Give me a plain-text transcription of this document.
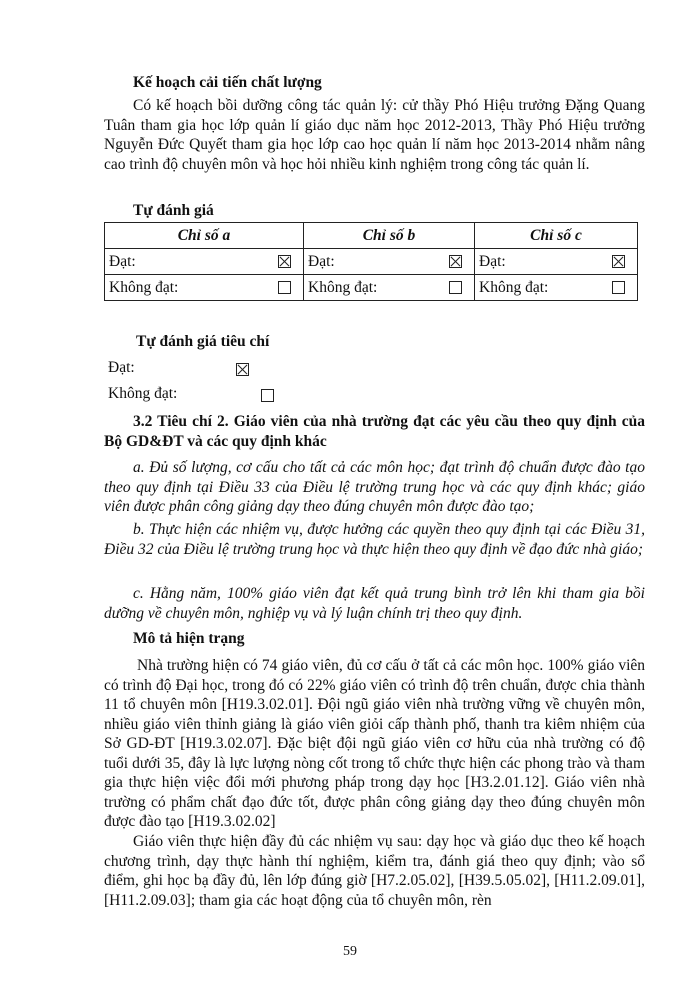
Kế hoạch cải tiến chất lượng
Có kế hoạch bồi dưỡng công tác quản lý: cử thầy Phó Hiệu trưởng Đặng Quang Tuân tham gia học lớp quản lí giáo dục năm học 2012-2013, Thầy Phó Hiệu trưởng Nguyễn Đức Quyết tham gia học lớp cao học quản lí năm học 2013-2014 nhằm nâng cao trình độ chuyên môn và học hỏi nhiều kinh nghiệm trong công tác quản lí.
Tự đánh giá
Chỉ số a	Chỉ số b	Chỉ số c

Đạt:	Đạt:	Đạt:

Không đạt:	Không đạt:	Không đạt:
Tự đánh giá tiêu chí
Đạt:

Không đạt:
3.2 Tiêu chí 2. Giáo viên của nhà trường đạt các yêu cầu theo quy định của Bộ GD&ĐT và các quy định khác
a. Đủ số lượng, cơ cấu cho tất cả các môn học; đạt trình độ chuẩn được đào tạo theo quy định tại Điều 33 của Điều lệ trường trung học và các quy định khác; giáo viên được phân công giảng dạy theo đúng chuyên môn được đào tạo;
b. Thực hiện các nhiệm vụ, được hưởng các quyền theo quy định tại các Điều 31, Điều 32 của Điều lệ trường trung học và thực hiện theo quy định về đạo đức nhà giáo;
c. Hằng năm, 100% giáo viên đạt kết quả trung bình trở lên khi tham gia bồi dưỡng về chuyên môn, nghiệp vụ và lý luận chính trị theo quy định.
Mô tả hiện trạng
Nhà trường hiện có 74 giáo viên, đủ cơ cấu ở tất cả các môn học. 100% giáo viên có trình độ Đại học, trong đó có 22% giáo viên có trình độ trên chuẩn, được chia thành 11 tổ chuyên môn [H19.3.02.01]. Đội ngũ giáo viên nhà trường vững về chuyên môn, nhiều giáo viên thỉnh giảng là giáo viên giỏi cấp thành phố, thanh tra kiêm nhiệm của Sở GD-ĐT [H19.3.02.07]. Đặc biệt đội ngũ giáo viên cơ hữu của nhà trường có độ tuổi dưới 35, đây là lực lượng nòng cốt trong tổ chức thực hiện các phong trào và tham gia thực hiện việc đổi mới phương pháp trong dạy học [H3.2.01.12]. Giáo viên nhà trường có phẩm chất đạo đức tốt, được phân công giảng dạy theo đúng chuyên môn được đào tạo [H19.3.02.02]
Giáo viên thực hiện đầy đủ các nhiệm vụ sau: dạy học và giáo dục theo kế hoạch chương trình, dạy thực hành thí nghiệm, kiểm tra, đánh giá theo quy định; vào sổ điểm, ghi học bạ đầy đủ, lên lớp đúng giờ [H7.2.05.02], [H39.5.05.02], [H11.2.09.01], [H11.2.09.03]; tham gia các hoạt động của tổ chuyên môn, rèn
59
